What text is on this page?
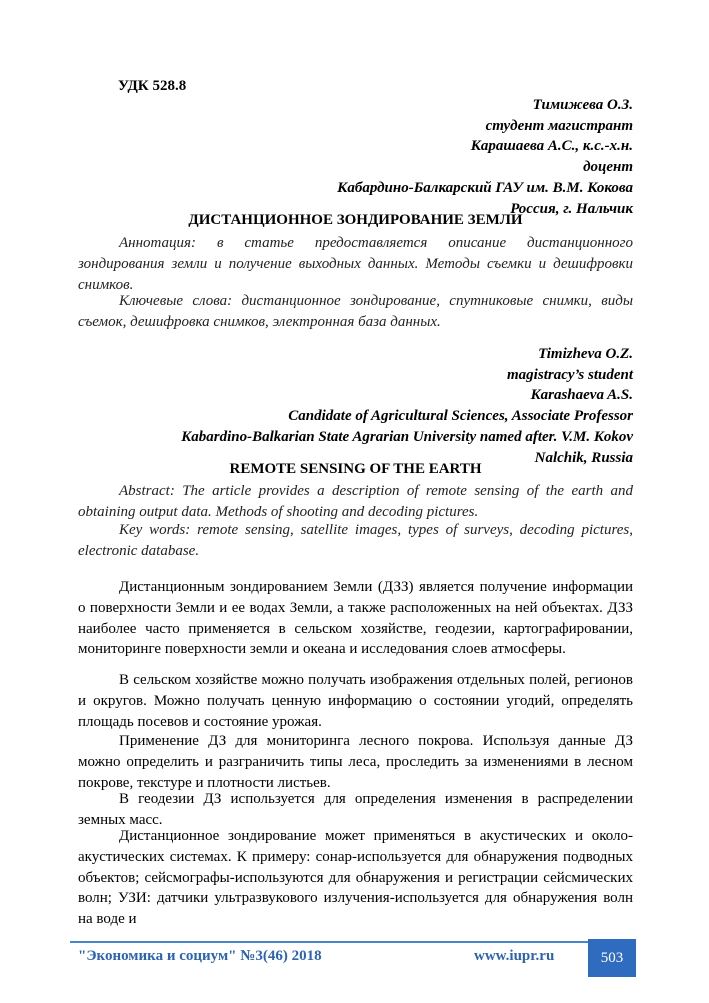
УДК 528.8
Тимижева О.З.
студент магистрант
Карашаева А.С., к.с.-х.н.
доцент
Кабардино-Балкарский ГАУ им. В.М. Кокова
Россия, г. Нальчик
ДИСТАНЦИОННОЕ ЗОНДИРОВАНИЕ ЗЕМЛИ
Аннотация: в статье предоставляется описание дистанционного зондирования земли и получение выходных данных. Методы съемки и дешифровки снимков.
Ключевые слова: дистанционное зондирование, спутниковые снимки, виды съемок, дешифровка снимков, электронная база данных.
Timizheva O.Z.
magistracy’s student
Karashaeva A.S.
Candidate of Agricultural Sciences, Associate Professor
Kabardino-Balkarian State Agrarian University named after. V.M. Kokov
Nalchik, Russia
REMOTE SENSING OF THE EARTH
Abstract: The article provides a description of remote sensing of the earth and obtaining output data. Methods of shooting and decoding pictures.
Key words: remote sensing, satellite images, types of surveys, decoding pictures, electronic database.
Дистанционным зондированием Земли (ДЗЗ) является получение информации о поверхности Земли и ее водах Земли, а также расположенных на ней объектах. ДЗЗ наиболее часто применяется в сельском хозяйстве, геодезии, картографировании, мониторинге поверхности земли и океана и исследования слоев атмосферы.
В сельском хозяйстве можно получать изображения отдельных полей, регионов и округов. Можно получать ценную информацию о состоянии угодий, определять площадь посевов и состояние урожая.
Применение ДЗ для мониторинга лесного покрова. Используя данные ДЗ можно определить и разграничить типы леса, проследить за изменениями в лесном покрове, текстуре и плотности листьев.
В геодезии ДЗ используется для определения изменения в распределении земных масс.
Дистанционное зондирование может применяться в акустических и около-акустических системах. К примеру: сонар-используется для обнаружения подводных объектов; сейсмографы-используются для обнаружения и регистрации сейсмических волн; УЗИ: датчики ультразвукового излучения-используется для обнаружения волн на воде и
"Экономика и социум" №3(46) 2018	www.iupr.ru	503
